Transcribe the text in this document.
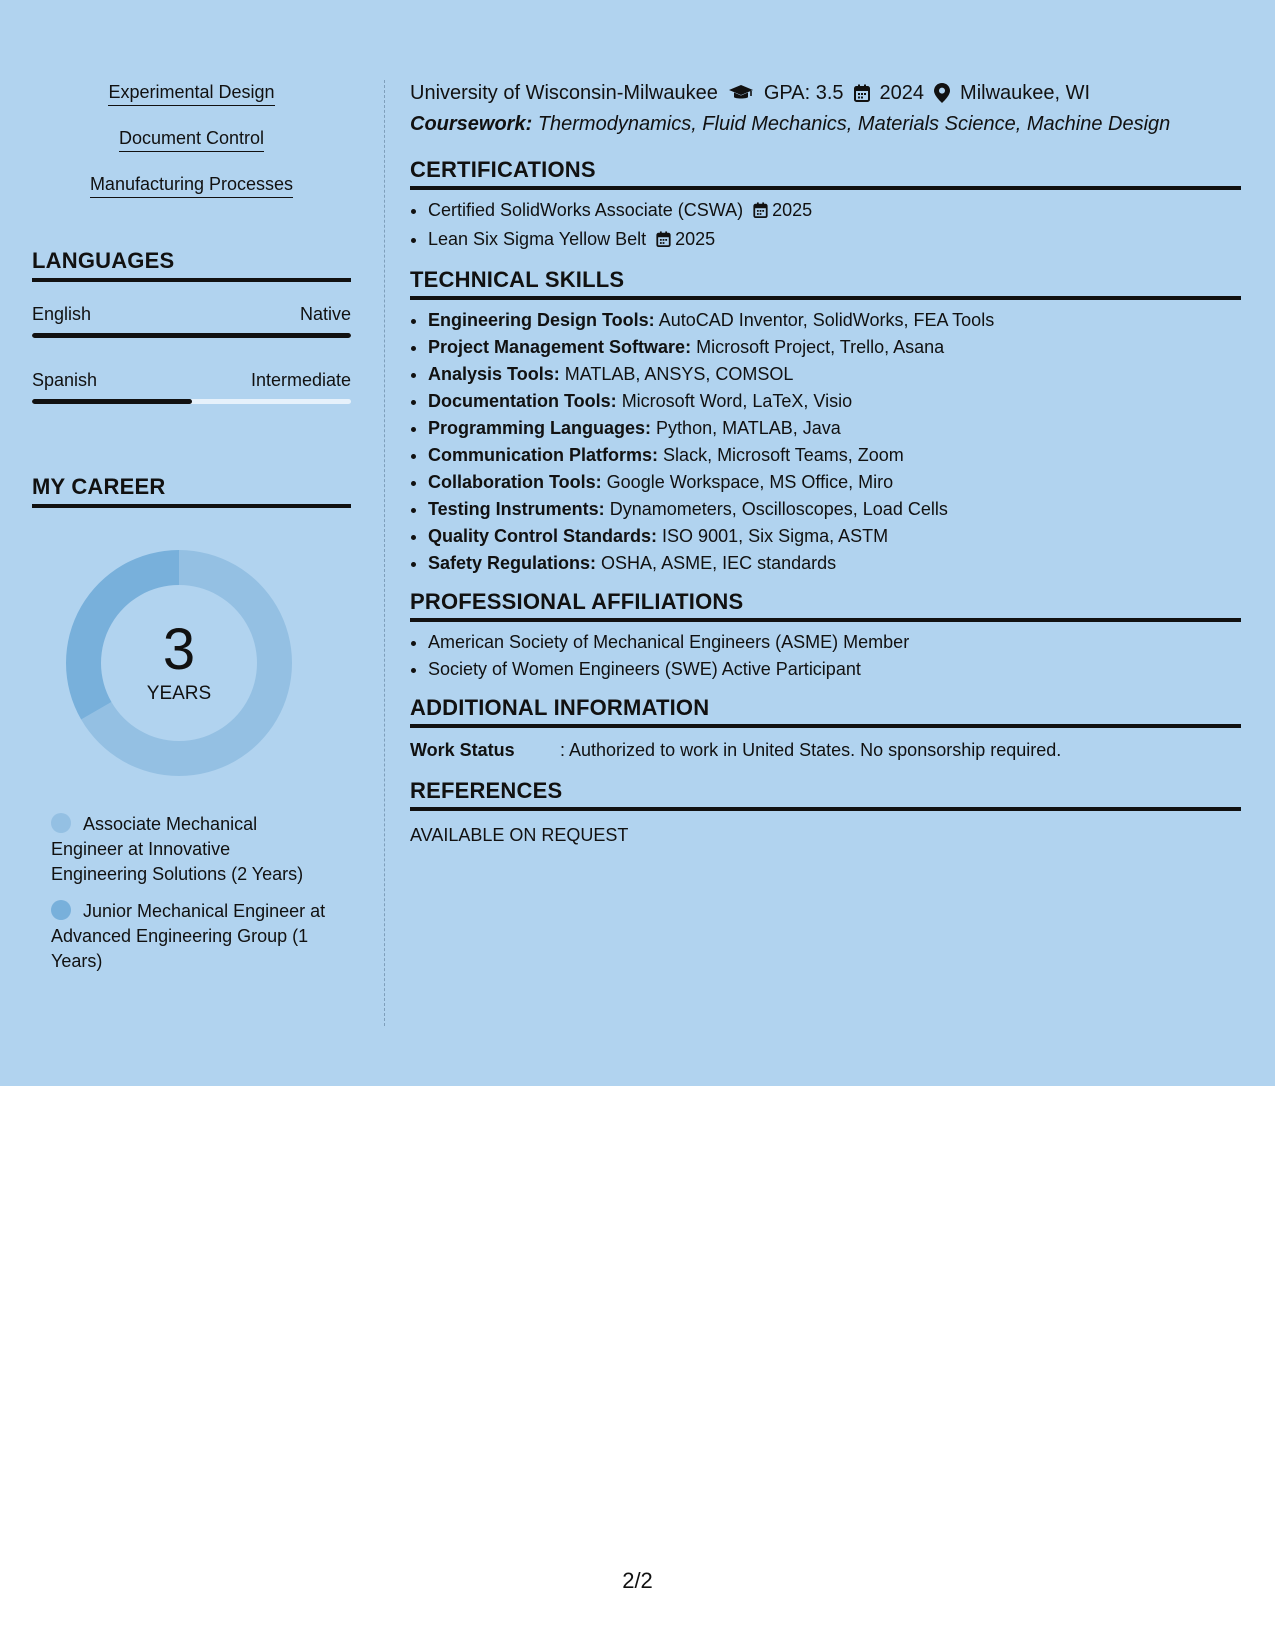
Experimental Design
Document Control
Manufacturing Processes
LANGUAGES
English	Native
Spanish	Intermediate
MY CAREER
3
YEARS
Associate Mechanical Engineer at Innovative Engineering Solutions (2 Years)
Junior Mechanical Engineer at Advanced Engineering Group (1 Years)
University of Wisconsin-Milwaukee GPA: 3.5 2024 Milwaukee, WI
Coursework: Thermodynamics, Fluid Mechanics, Materials Science, Machine Design
CERTIFICATIONS
• Certified SolidWorks Associate (CSWA) 2025
• Lean Six Sigma Yellow Belt 2025
TECHNICAL SKILLS
• Engineering Design Tools: AutoCAD Inventor, SolidWorks, FEA Tools
• Project Management Software: Microsoft Project, Trello, Asana
• Analysis Tools: MATLAB, ANSYS, COMSOL
• Documentation Tools: Microsoft Word, LaTeX, Visio
• Programming Languages: Python, MATLAB, Java
• Communication Platforms: Slack, Microsoft Teams, Zoom
• Collaboration Tools: Google Workspace, MS Office, Miro
• Testing Instruments: Dynamometers, Oscilloscopes, Load Cells
• Quality Control Standards: ISO 9001, Six Sigma, ASTM
• Safety Regulations: OSHA, ASME, IEC standards
PROFESSIONAL AFFILIATIONS
• American Society of Mechanical Engineers (ASME) Member
• Society of Women Engineers (SWE) Active Participant
ADDITIONAL INFORMATION
Work Status	: Authorized to work in United States. No sponsorship required.
REFERENCES
AVAILABLE ON REQUEST
2/2
